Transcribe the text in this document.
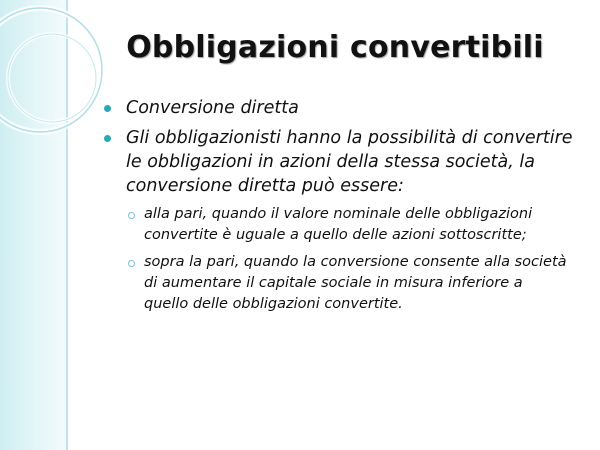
Obbligazioni convertibili
Conversione diretta
Gli obbligazionisti hanno la possibilità di convertire
le obbligazioni in azioni della stessa società, la
conversione diretta può essere:
alla pari, quando il valore nominale delle obbligazioni
convertite è uguale a quello delle azioni sottoscritte;
sopra la pari, quando la conversione consente alla società
di aumentare il capitale sociale in misura inferiore a
quello delle obbligazioni convertite.
